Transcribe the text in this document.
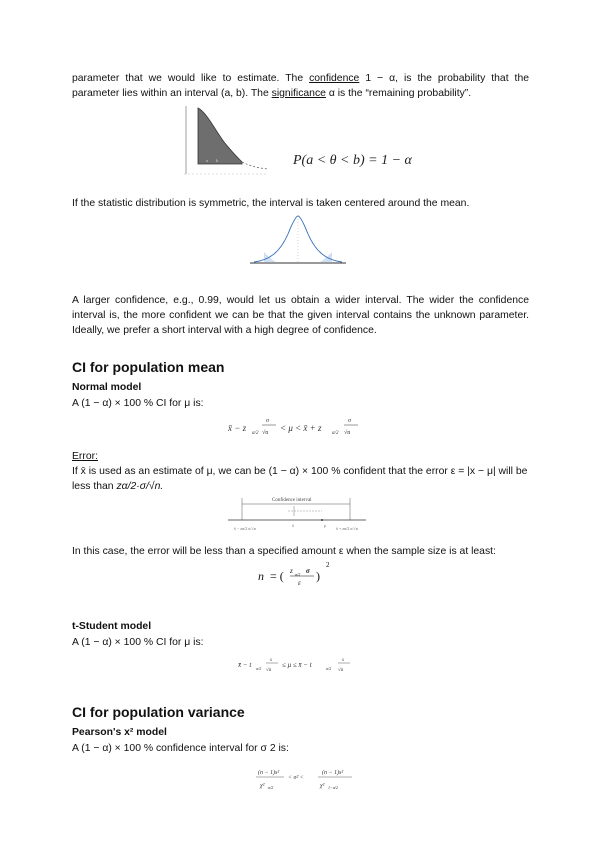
parameter that we would like to estimate. The confidence 1 − α, is the probability that the parameter lies within an interval (a, b). The significance α is the “remaining probability”.
a b	P(a < θ < b) = 1 − α
If the statistic distribution is symmetric, the interval is taken centered around the mean.
A larger confidence, e.g., 0.99, would let us obtain a wider interval. The wider the confidence interval is, the more confident we can be that the given interval contains the unknown parameter. Ideally, we prefer a short interval with a high degree of confidence.
CI for population mean
Normal model
A (1 − α) × 100 % CI for μ is:
x̄ − z
α/2
σ
√n < μ < x̄ + z
α/2
σ
√n
Error:
If x̄ is used as an estimate of μ, we can be (1 − α) × 100 % confident that the error ε = |x − μ| will be less than zα/2·σ/√n.
Confidence interval
x̄ − zα/2 σ/√n
x̄	μ
x̄ + zα/2 σ/√n
In this case, the error will be less than a specified amount ε when the sample size is at least:
n = ( z α/2 σ
ε )
2
t-Student model
A (1 − α) × 100 % CI for μ is:
x̄ − t α/2
s
√n
≤ μ ≤ x̄ − t	α/2
s
√n
CI for population variance
Pearson's x² model
A (1 − α) × 100 % confidence interval for σ 2 is:
(n − 1)s²
χ² α/2
< σ² <
(n − 1)s²
χ² 1−α/2
